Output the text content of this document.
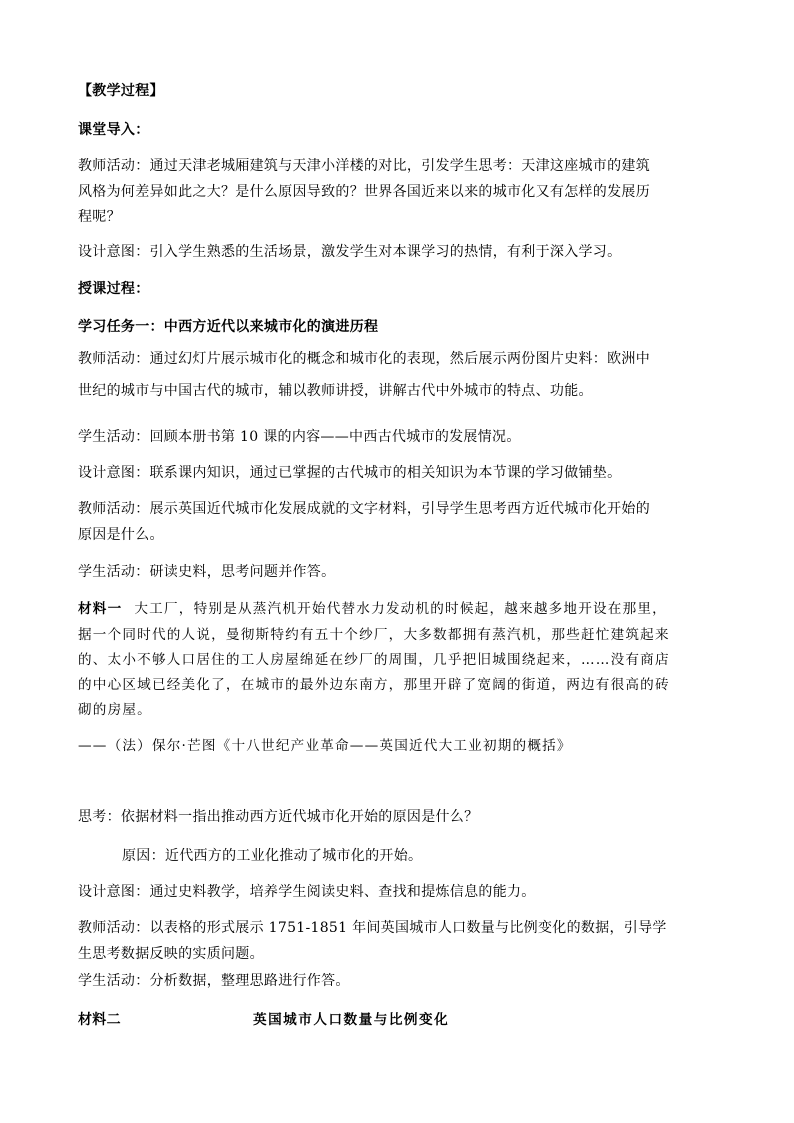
【教学过程】
课堂导入：
教师活动：通过天津老城厢建筑与天津小洋楼的对比，引发学生思考：天津这座城市的建筑
风格为何差异如此之大？是什么原因导致的？世界各国近来以来的城市化又有怎样的发展历
程呢？
设计意图：引入学生熟悉的生活场景，激发学生对本课学习的热情，有利于深入学习。
授课过程：
学习任务一：中西方近代以来城市化的演进历程
教师活动：通过幻灯片展示城市化的概念和城市化的表现，然后展示两份图片史料：欧洲中
世纪的城市与中国古代的城市，辅以教师讲授，讲解古代中外城市的特点、功能。
学生活动：回顾本册书第 10 课的内容——中西古代城市的发展情况。
设计意图：联系课内知识，通过已掌握的古代城市的相关知识为本节课的学习做铺垫。
教师活动：展示英国近代城市化发展成就的文字材料，引导学生思考西方近代城市化开始的
原因是什么。
学生活动：研读史料，思考问题并作答。
材料一 大工厂，特别是从蒸汽机开始代替水力发动机的时候起，越来越多地开设在那里，
据一个同时代的人说，曼彻斯特约有五十个纱厂，大多数都拥有蒸汽机，那些赶忙建筑起来
的、太小不够人口居住的工人房屋绵延在纱厂的周围，几乎把旧城围绕起来，……没有商店
的中心区域已经美化了，在城市的最外边东南方，那里开辟了宽阔的街道，两边有很高的砖
砌的房屋。
——（法）保尔·芒图《十八世纪产业革命——英国近代大工业初期的概括》
思考：依据材料一指出推动西方近代城市化开始的原因是什么？
原因：近代西方的工业化推动了城市化的开始。
设计意图：通过史料教学，培养学生阅读史料、查找和提炼信息的能力。
教师活动：以表格的形式展示 1751-1851 年间英国城市人口数量与比例变化的数据，引导学
生思考数据反映的实质问题。
学生活动：分析数据，整理思路进行作答。
材料二	英国城市人口数量与比例变化
